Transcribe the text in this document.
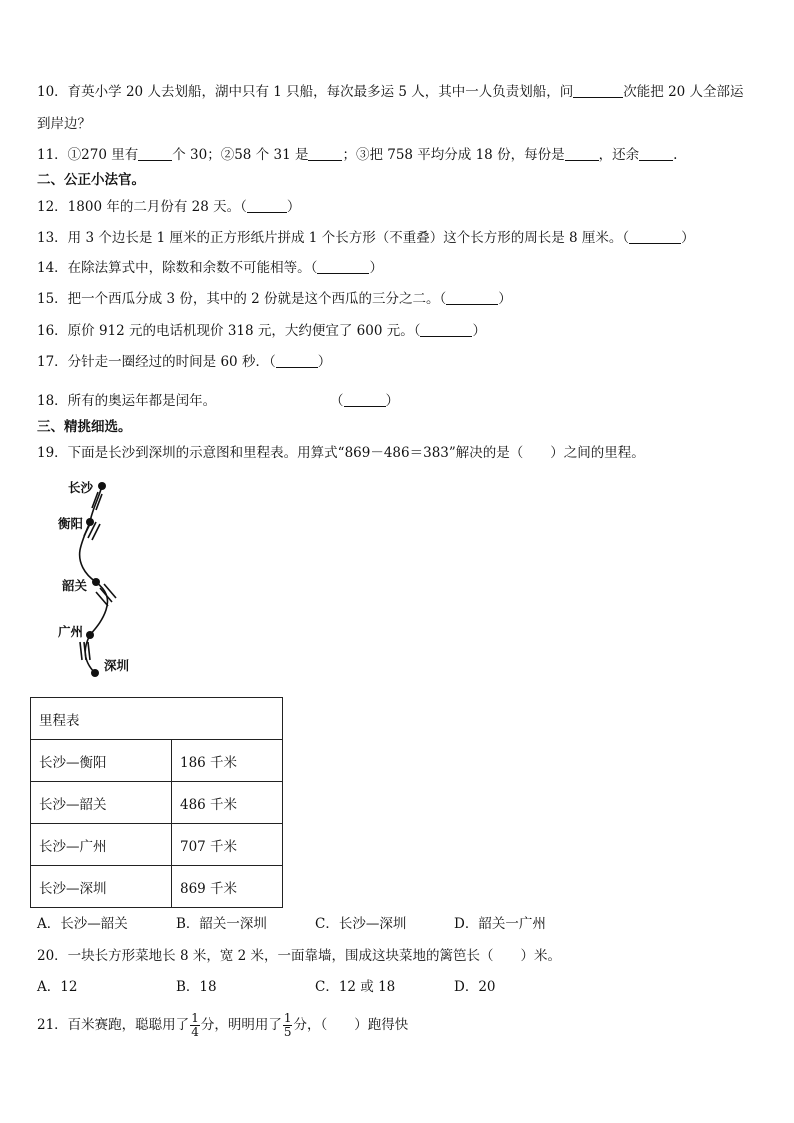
10．育英小学 20 人去划船，湖中只有 1 只船，每次最多运 5 人，其中一人负责划船，问	次能把 20 人全部运
到岸边？
11．①270 里有	个 30；②58 个 31 是	；③把 758 平均分成 18 份，每份是	，还余	.
二、公正小法官。
12．1800 年的二月份有 28 天。（	）
13．用 3 个边长是 1 厘米的正方形纸片拼成 1 个长方形（不重叠）这个长方形的周长是 8 厘米。（	）
14．在除法算式中，除数和余数不可能相等。（	）
15．把一个西瓜分成 3 份，其中的 2 份就是这个西瓜的三分之二。（	）
16．原价 912 元的电话机现价 318 元，大约便宜了 600 元。（	）
17．分针走一圈经过的时间是 60 秒．（	）
18．所有的奥运年都是闰年。	（	）
三、精挑细选。
19．下面是长沙到深圳的示意图和里程表。用算式“869－486＝383”解决的是（　　）之间的里程。
长沙
衡阳
韶关
广州
深圳
里程表	
长沙—衡阳	186 千米
长沙—韶关	486 千米
长沙—广州	707 千米
长沙—深圳	869 千米
A．长沙—韶关	B．韶关一深圳	C．长沙—深圳	D．韶关一广州
20．一块长方形菜地长 8 米，宽 2 米，一面靠墙，围成这块菜地的篱笆长（　　）米。
A．12	B．18	C．12 或 18	D．20
21．百米赛跑，聪聪用了 $\frac{1}{4}$ 分，明明用了 $\frac{1}{5}$ 分，（　　）跑得快
